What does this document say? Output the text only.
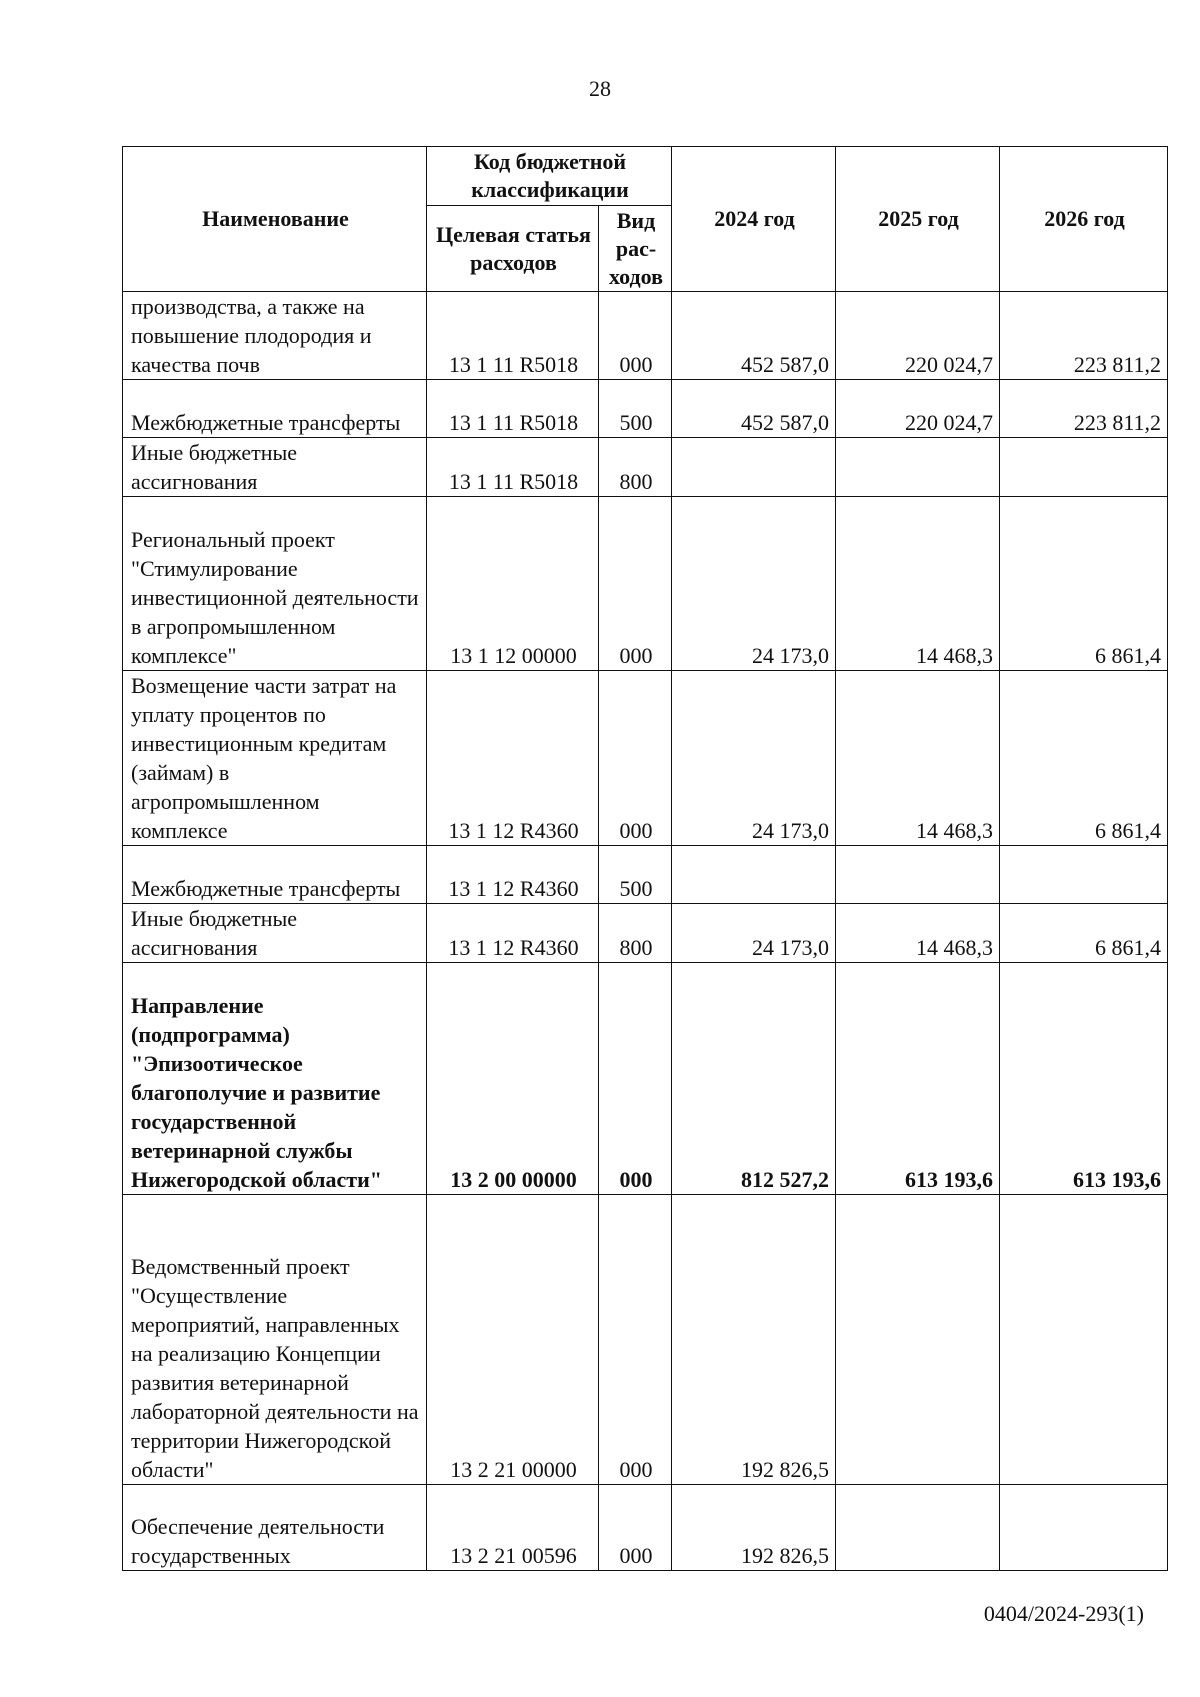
28
Наименование	Код бюджетной классификации		2024 год	2025 год	2026 год
	Целевая статья расходов	Вид рас-ходов			
производства, а также на повышение плодородия и качества почв	13 1 11 R5018	000	452 587,0	220 024,7	223 811,2
Межбюджетные трансферты	13 1 11 R5018	500	452 587,0	220 024,7	223 811,2
Иные бюджетные ассигнования	13 1 11 R5018	800			
Региональный проект "Стимулирование инвестиционной деятельности в агропромышленном комплексе"	13 1 12 00000	000	24 173,0	14 468,3	6 861,4
Возмещение части затрат на уплату процентов по инвестиционным кредитам (займам) в агропромышленном комплексе	13 1 12 R4360	000	24 173,0	14 468,3	6 861,4
Межбюджетные трансферты	13 1 12 R4360	500			
Иные бюджетные ассигнования	13 1 12 R4360	800	24 173,0	14 468,3	6 861,4
Направление (подпрограмма) "Эпизоотическое благополучие и развитие государственной ветеринарной службы Нижегородской области"	13 2 00 00000	000	812 527,2	613 193,6	613 193,6
Ведомственный проект "Осуществление мероприятий, направленных на реализацию Концепции развития ветеринарной лабораторной деятельности на территории Нижегородской области"	13 2 21 00000	000	192 826,5		
Обеспечение деятельности государственных	13 2 21 00596	000	192 826,5		
0404/2024-293(1)
